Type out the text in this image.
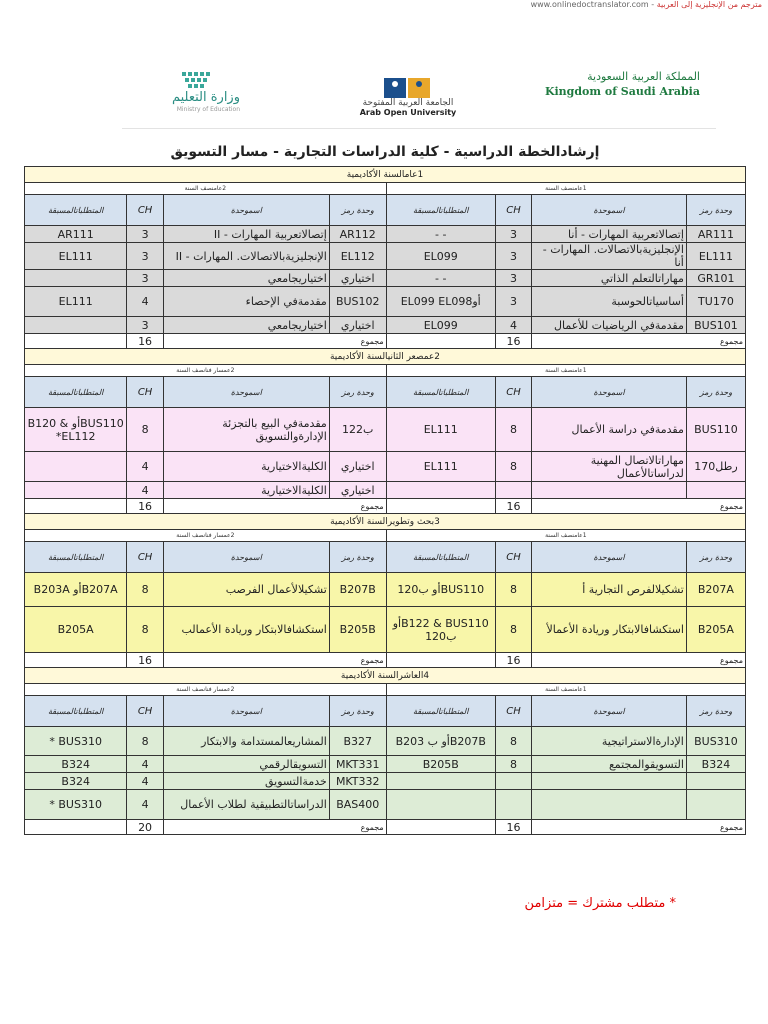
مترجم من الإنجليزية إلى العربية - www.onlinedoctranslator.com
وزارة التعليم
Ministry of Education
الجامعة العربية المفتوحة
Arab Open University
المملكة العربية السعودية
Kingdom of Saudi Arabia
إرشادالخطة الدراسية - كلية الدراسات التجارية - مسار التسويق
1عامالسنة الأكاديمية							
1عامنصف السنة				2عامنصف السنة			
وحدة رمز	اسموحدة	CH	المتطلباتالمسبقة	وحدة رمز	اسموحدة	CH	المتطلباتالمسبقة
AR111	إتصالاتعربية المهارات - أنا	3	- -	AR112	إتصالاتعربية المهارات - II	3	AR111
EL111	الإنجليزيةبالاتصالات. المهارات - أنا	3	EL099	EL112	الإنجليزيةبالاتصالات. المهارات - II	3	EL111
GR101	مهاراتالتعلم الذاتي	3	- -	اختياري	اختياريجامعي	3	
TU170	أساسياتالحوسبة	3	أوEL099 EL098	BUS102	مقدمةفي الإحصاء	4	EL111
BUS101	مقدمةفي الرياضيات للأعمال	4	EL099	اختياري	اختياريجامعي	3	
مجموع		16		مجموع		16	
2عمصعر الثانيالسنة الأكاديمية							
1عامنصف السنة				2عمسار فنانصف السنة			
وحدة رمز	اسموحدة	CH	المتطلباتالمسبقة	وحدة رمز	اسموحدة	CH	المتطلباتالمسبقة
BUS110	مقدمةفي دراسة الأعمال	8	EL111	ب122	مقدمةفي البيع بالتجزئة الإدارةوالتسويق	8	BUS110أو B120 & EL112*
رطل170	مهاراتالاتصال المهنية لدراساتالأعمال	8	EL111	اختياري	الكليةالاختيارية	4	
				اختياري	الكليةالاختيارية	4	
مجموع		16		مجموع		16	
3بحث وتطويرالسنة الأكاديمية							
1عامنصف السنة				2عمسار فنانصف السنة			
وحدة رمز	اسموحدة	CH	المتطلباتالمسبقة	وحدة رمز	اسموحدة	CH	المتطلباتالمسبقة
B207A	تشكيلالفرص التجارية أ	8	BUS110أو ب120	B207B	تشكيلالأعمال الفرصب	8	B207Aأو B203A
B205A	استكشافالابتكار وريادة الأعمالأ	8	B122 & BUS110أو ب120	B205B	استكشافالابتكار وريادة الأعمالب	8	B205A
مجموع		16		مجموع		16	
4العاشرالسنة الأكاديمية							
1عامنصف السنة				2عمسار فنانصف السنة			
وحدة رمز	اسموحدة	CH	المتطلباتالمسبقة	وحدة رمز	اسموحدة	CH	المتطلباتالمسبقة
BUS310	الإدارةالاستراتيجية	8	B207Bأو ب B203	B327	المشاريعالمستدامة والابتكار	8	BUS310 *
B324	التسويقوالمجتمع	8	B205B	MKT331	التسويقالرقمي	4	B324
				MKT332	خدمةالتسويق	4	B324
				BAS400	الدراساتالتطبيقية لطلاب الأعمال	4	BUS310 *
مجموع		16		مجموع		20	
* متطلب مشترك = متزامن
